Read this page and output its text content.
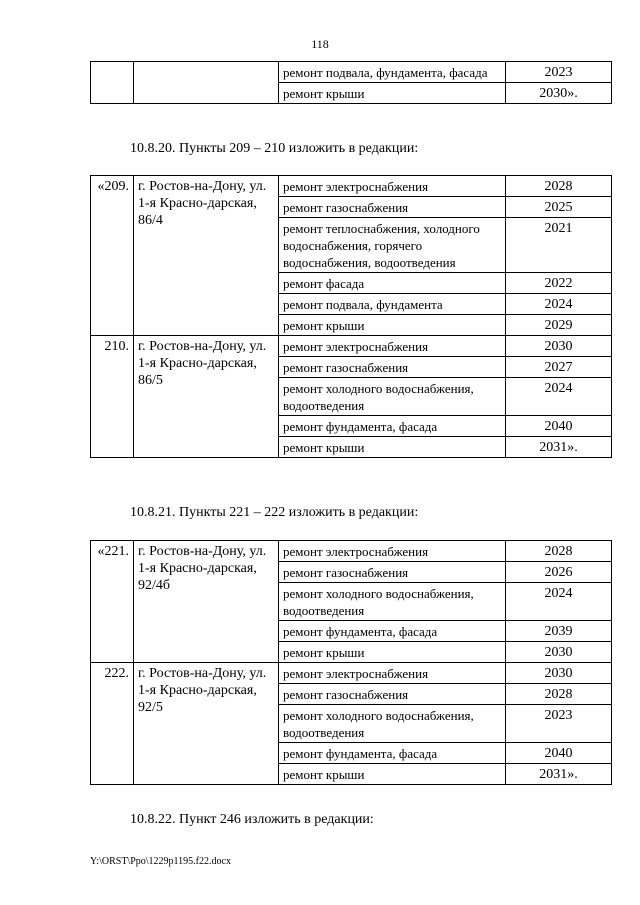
118
		ремонт подвала, фундамента, фасада	2023
		ремонт крыши	2030».
10.8.20. Пункты 209 – 210 изложить в редакции:
«209.	г. Ростов-на-Дону, ул. 1-я Красно-дарская, 86/4	ремонт электроснабжения	2028
		ремонт газоснабжения	2025
		ремонт теплоснабжения, холодного водоснабжения, горячего водоснабжения, водоотведения	2021
		ремонт фасада	2022
		ремонт подвала, фундамента	2024
		ремонт крыши	2029
210.	г. Ростов-на-Дону, ул. 1-я Красно-дарская, 86/5	ремонт электроснабжения	2030
		ремонт газоснабжения	2027
		ремонт холодного водоснабжения, водоотведения	2024
		ремонт фундамента, фасада	2040
		ремонт крыши	2031».
10.8.21. Пункты 221 – 222 изложить в редакции:
«221.	г. Ростов-на-Дону, ул. 1-я Красно-дарская, 92/4б	ремонт электроснабжения	2028
		ремонт газоснабжения	2026
		ремонт холодного водоснабжения, водоотведения	2024
		ремонт фундамента, фасада	2039
		ремонт крыши	2030
222.	г. Ростов-на-Дону, ул. 1-я Красно-дарская, 92/5	ремонт электроснабжения	2030
		ремонт газоснабжения	2028
		ремонт холодного водоснабжения, водоотведения	2023
		ремонт фундамента, фасада	2040
		ремонт крыши	2031».
10.8.22. Пункт 246 изложить в редакции:
Y:\ORST\Ppo\1229p1195.f22.docx
